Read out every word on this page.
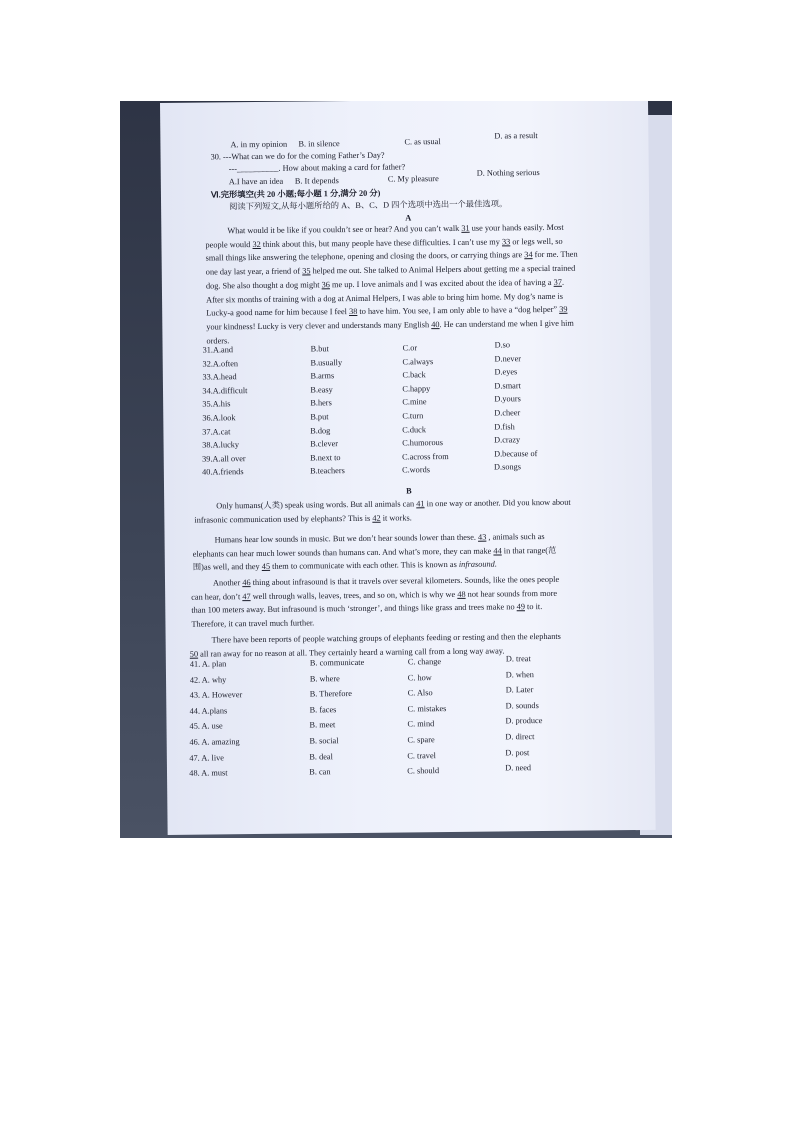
A. in my opinion B. in silence	C. as usual
D. as a result
30. ---What can we do for the coming Father’s Day?
---__________. How about making a card for father?
A.I have an idea B. It depends	C. My pleasure
D. Nothing serious
Ⅵ.完形填空(共 20 小题;每小题 1 分,满分 20 分)
阅读下列短文,从每小题所给的 A、B、C、D 四个选项中选出一个最佳选项。
A
What would it be like if you couldn’t see or hear? And you can’t walk 31 use your hands easily. Most
people would 32 think about this, but many people have these difficulties. I can’t use my 33 or legs well, so
small things like answering the telephone, opening and closing the doors, or carrying things are 34 for me. Then
one day last year, a friend of 35 helped me out. She talked to Animal Helpers about getting me a special trained
dog. She also thought a dog might 36 me up. I love animals and I was excited about the idea of having a 37.
After six months of training with a dog at Animal Helpers, I was able to bring him home. My dog’s name is
Lucky-a good name for him because I feel 38 to have him. You see, I am only able to have a “dog helper” 39
your kindness! Lucky is very clever and understands many English 40. He can understand me when I give him
orders.
31.A.and	B.but	C.or	D.so
32.A.often	B.usually	C.always	D.never
33.A.head	B.arms	C.back	D.eyes
34.A.difficult	B.easy	C.happy	D.smart
35.A.his	B.hers	C.mine	D.yours
36.A.look	B.put	C.turn	D.cheer
37.A.cat	B.dog	C.duck	D.fish
38.A.lucky	B.clever	C.humorous	D.crazy
39.A.all over	B.next to	C.across from	D.because of
40.A.friends	B.teachers	C.words	D.songs
B
Only humans(人类) speak using words. But all animals can 41 in one way or another. Did you know about
infrasonic communication used by elephants? This is 42 it works.
Humans hear low sounds in music. But we don’t hear sounds lower than these. 43 , animals such as
elephants can hear much lower sounds than humans can. And what’s more, they can make 44 in that range(范
围)as well, and they 45 them to communicate with each other. This is known as infrasound.
Another 46 thing about infrasound is that it travels over several kilometers. Sounds, like the ones people
can hear, don’t 47 well through walls, leaves, trees, and so on, which is why we 48 not hear sounds from more
than 100 meters away. But infrasound is much ‘stronger’, and things like grass and trees make no 49 to it.
Therefore, it can travel much further.
There have been reports of people watching groups of elephants feeding or resting and then the elephants
50 all ran away for no reason at all. They certainly heard a warning call from a long way away.
41. A. plan	B. communicate	C. change	D. treat
42. A. why	B. where	C. how	D. when
43. A. However	B. Therefore	C. Also	D. Later
44. A.plans	B. faces	C. mistakes	D. sounds
45. A. use	B. meet	C. mind	D. produce
46. A. amazing	B. social	C. spare	D. direct
47. A. live	B. deal	C. travel	D. post
48. A. must	B. can	C. should	D. need
